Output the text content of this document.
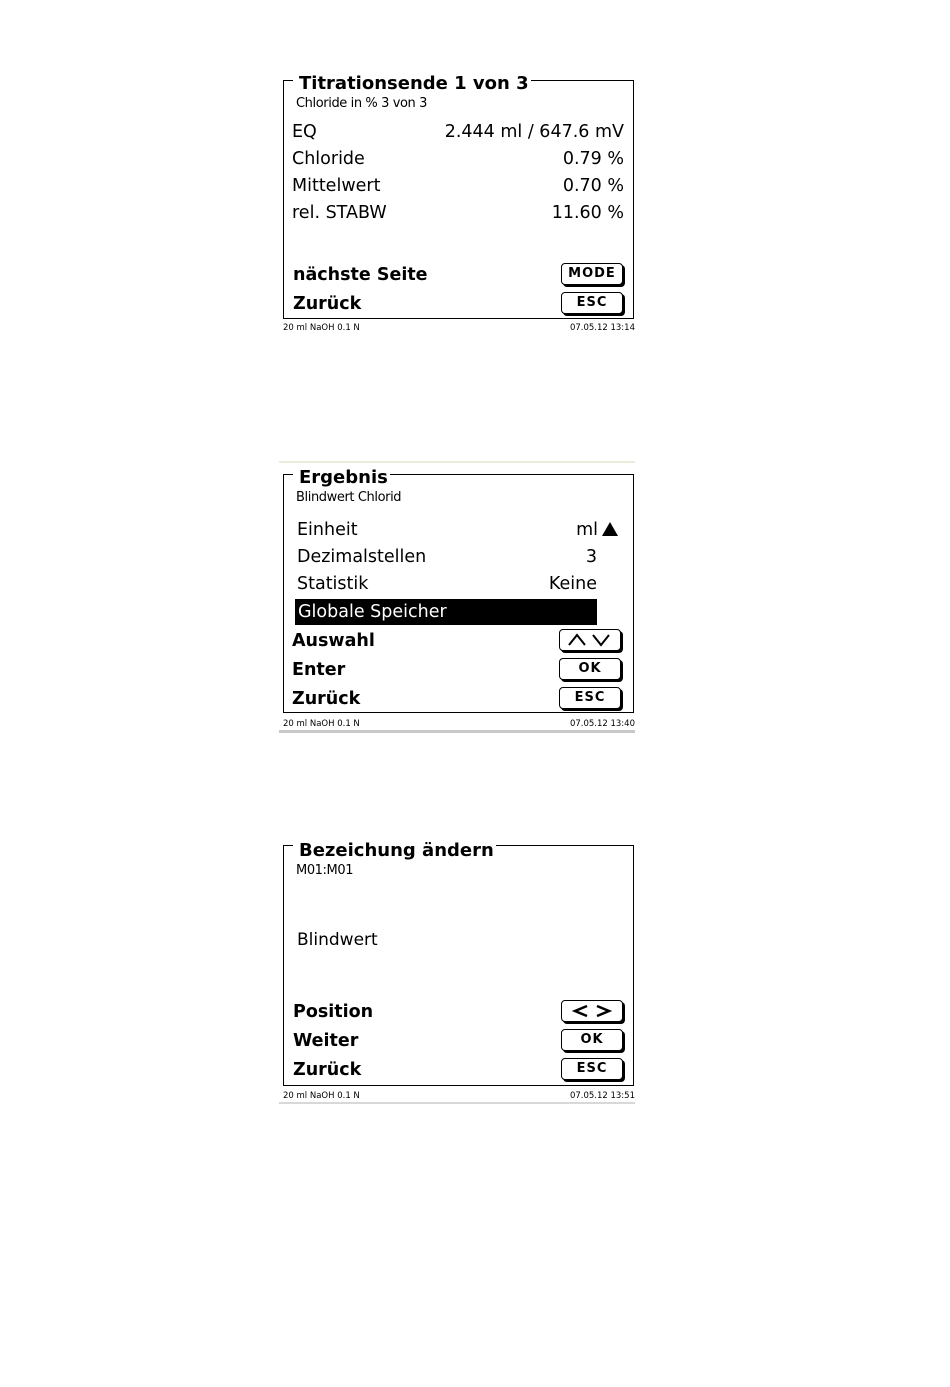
Titrationsende 1 von 3
Chloride in % 3 von 3
EQ	2.444 ml / 647.6 mV
Chloride	0.79 %
Mittelwert	0.70 %
rel. STABW	11.60 %
nächste Seite	MODE
Zurück	ESC
20 ml NaOH 0.1 N	07.05.12 13:14
Ergebnis
Blindwert Chlorid
Einheit	ml
Dezimalstellen	3
Statistik	Keine
Globale Speicher
Auswahl
Enter	OK
Zurück	ESC
20 ml NaOH 0.1 N	07.05.12 13:40
Bezeichung ändern
M01:M01
Blindwert
Position
Weiter	OK
Zurück	ESC
20 ml NaOH 0.1 N	07.05.12 13:51
